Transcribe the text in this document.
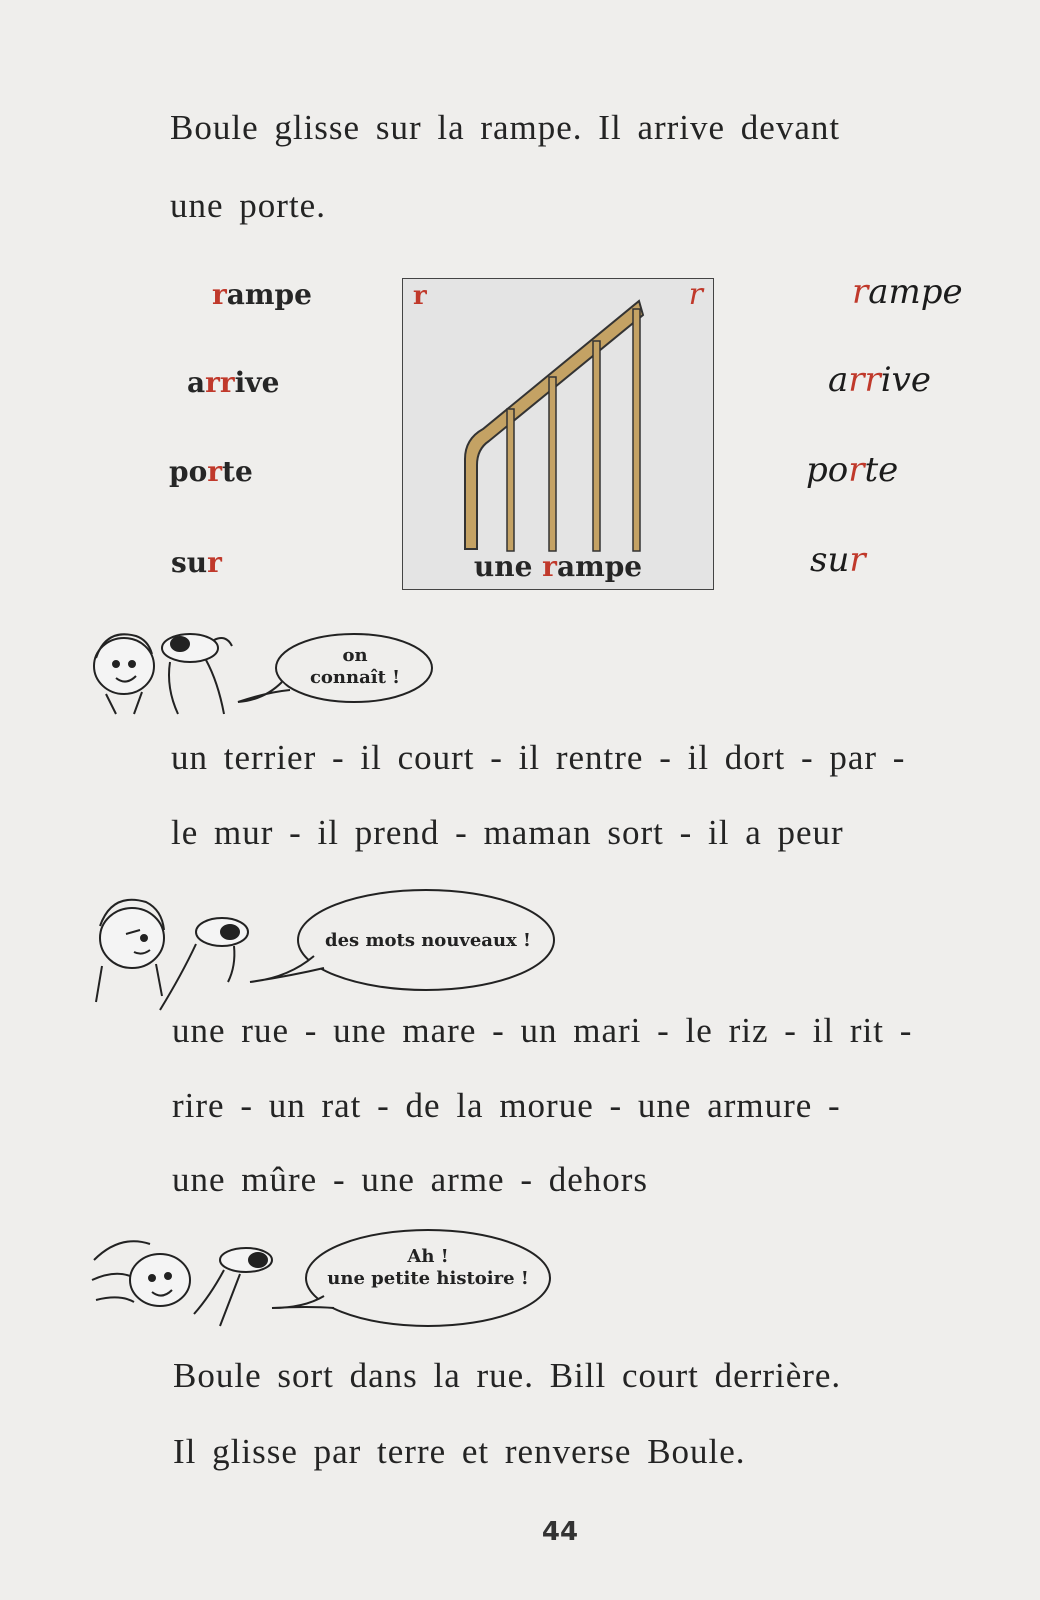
Boule glisse sur la rampe. Il arrive devant

une porte.

rampe
arrive
porte
sur
r	r
une rampe
rampe
arrive
porte
sur
on
connaît !

un terrier - il court - il rentre - il dort - par -

le mur - il prend - maman sort - il a peur

des mots nouveaux !

une rue - une mare - un mari - le riz - il rit -

rire - un rat - de la morue - une armure -

une mûre - une arme - dehors

Ah !
une petite histoire !

Boule sort dans la rue. Bill court derrière.

Il glisse par terre et renverse Boule.

44
